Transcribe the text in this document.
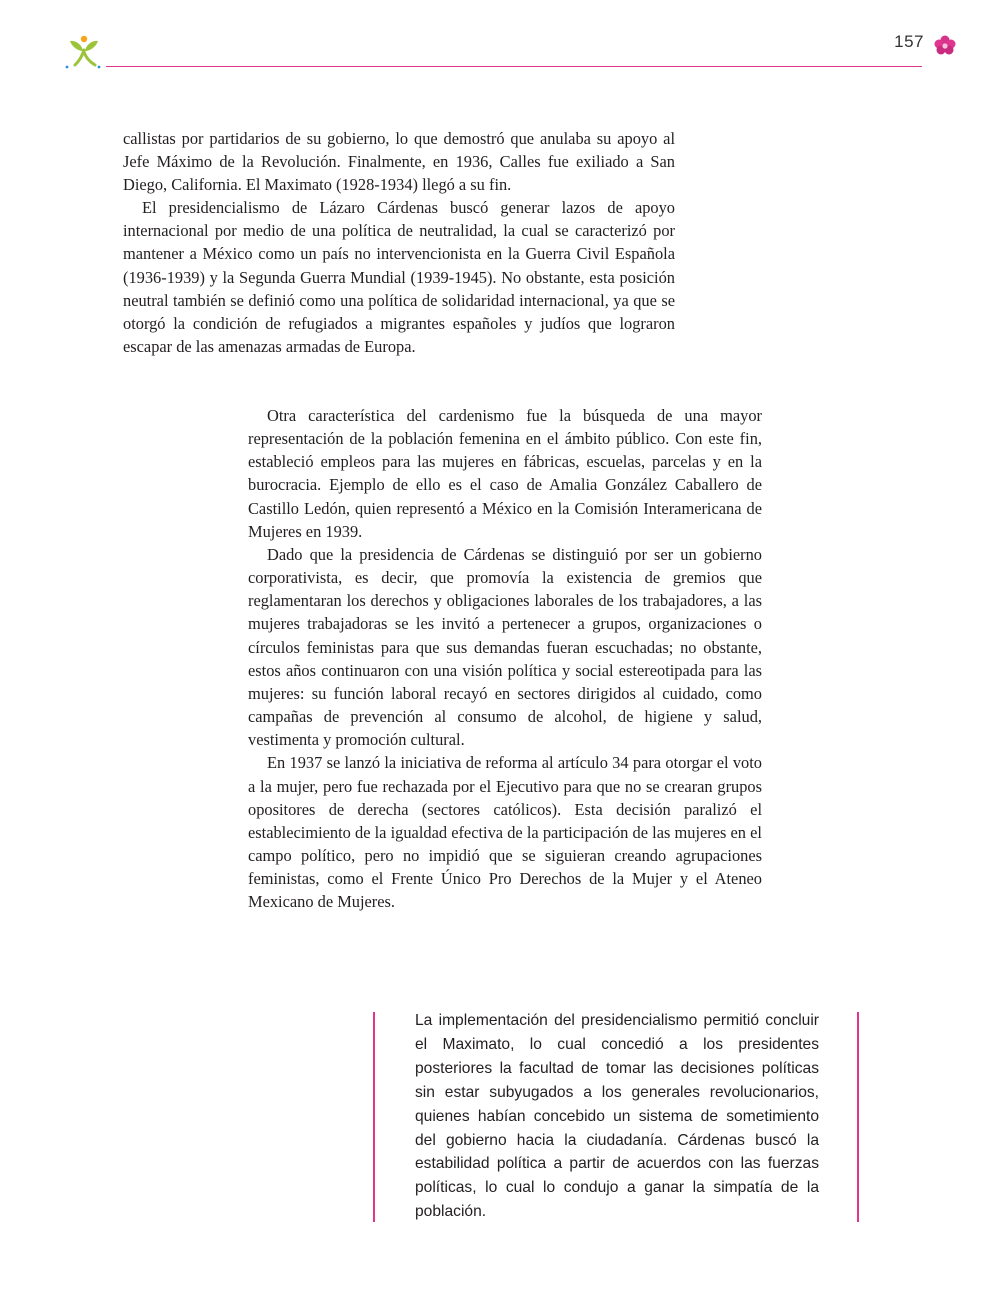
157

callistas por partidarios de su gobierno, lo que demostró que anulaba su apoyo al Jefe Máximo de la Revolución. Finalmente, en 1936, Calles fue exiliado a San Diego, California. El Maximato (1928-1934) llegó a su fin.

El presidencialismo de Lázaro Cárdenas buscó generar lazos de apoyo internacional por medio de una política de neutralidad, la cual se caracterizó por mantener a México como un país no intervencionista en la Guerra Civil Española (1936-1939) y la Segunda Guerra Mundial (1939-1945). No obstante, esta posición neutral también se definió como una política de solidaridad internacional, ya que se otorgó la condición de refugiados a migrantes españoles y judíos que lograron escapar de las amenazas armadas de Europa.

Otra característica del cardenismo fue la búsqueda de una mayor representación de la población femenina en el ámbito público. Con este fin, estableció empleos para las mujeres en fábricas, escuelas, parcelas y en la burocracia. Ejemplo de ello es el caso de Amalia González Caballero de Castillo Ledón, quien representó a México en la Comisión Interamericana de Mujeres en 1939.

Dado que la presidencia de Cárdenas se distinguió por ser un gobierno corporativista, es decir, que promovía la existencia de gremios que reglamentaran los derechos y obligaciones laborales de los trabajadores, a las mujeres trabajadoras se les invitó a pertenecer a grupos, organizaciones o círculos feministas para que sus demandas fueran escuchadas; no obstante, estos años continuaron con una visión política y social estereotipada para las mujeres: su función laboral recayó en sectores dirigidos al cuidado, como campañas de prevención al consumo de alcohol, de higiene y salud, vestimenta y promoción cultural.

En 1937 se lanzó la iniciativa de reforma al artículo 34 para otorgar el voto a la mujer, pero fue rechazada por el Ejecutivo para que no se crearan grupos opositores de derecha (sectores católicos). Esta decisión paralizó el establecimiento de la igualdad efectiva de la participación de las mujeres en el campo político, pero no impidió que se siguieran creando agrupaciones feministas, como el Frente Único Pro Derechos de la Mujer y el Ateneo Mexicano de Mujeres.

La implementación del presidencialismo permitió concluir el Maximato, lo cual concedió a los presidentes posteriores la facultad de tomar las decisiones políticas sin estar subyugados a los generales revolucionarios, quienes habían concebido un sistema de sometimiento del gobierno hacia la ciudadanía. Cárdenas buscó la estabilidad política a partir de acuerdos con las fuerzas políticas, lo cual lo condujo a ganar la simpatía de la población.
